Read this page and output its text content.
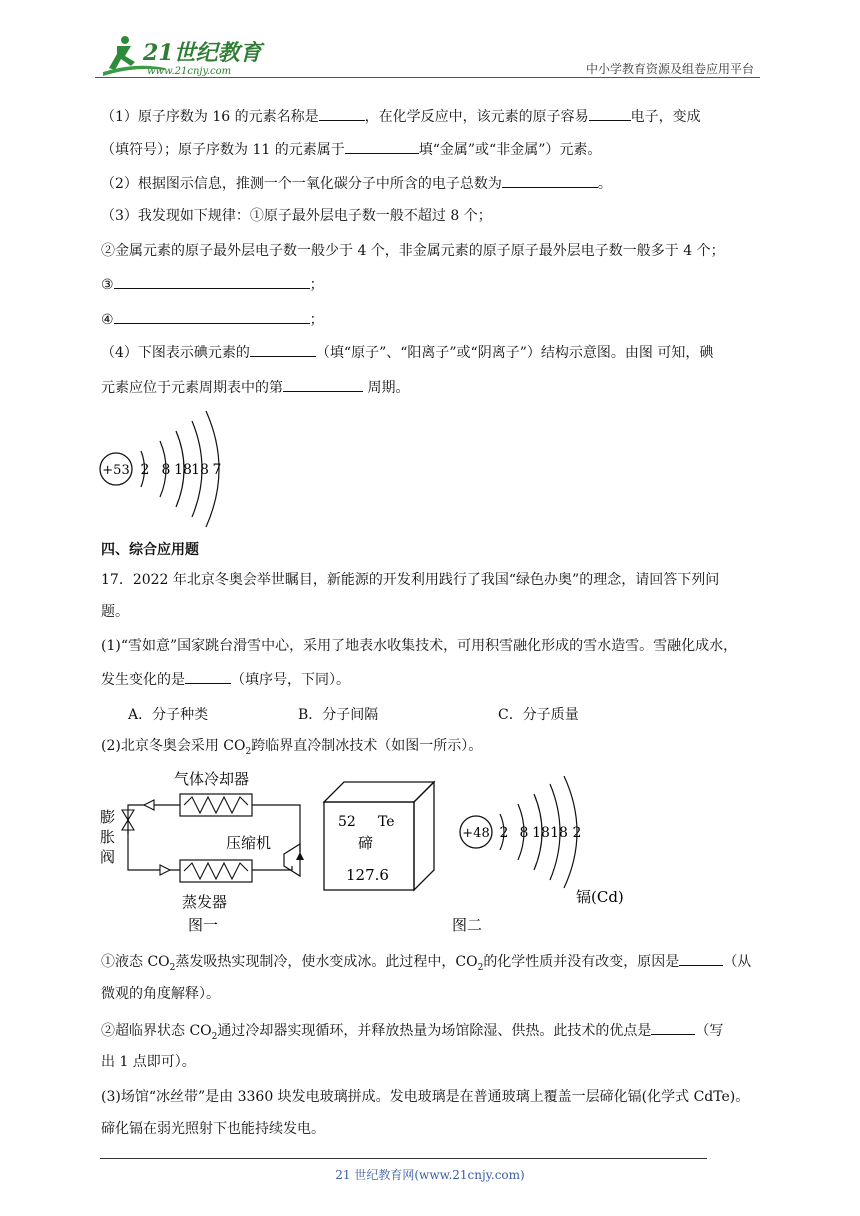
21世纪教育
www.21cnjy.com	中小学教育资源及组卷应用平台
（1）原子序数为 16 的元素名称是	，在化学反应中，该元素的原子容易	电子，变成
（填符号）；原子序数为 11 的元素属于	填“金属”或“非金属”）元素。
（2）根据图示信息，推测一个一氧化碳分子中所含的电子总数为	。
（3）我发现如下规律：①原子最外层电子数一般不超过 8 个；
②金属元素的原子最外层电子数一般少于 4 个，非金属元素的原子原子最外层电子数一般多于 4 个；
③	；
④	；
（4）下图表示碘元素的	（填“原子”、“阳离子”或“阴离子”）结构示意图。由图 可知，碘
元素应位于元素周期表中的第	周期。
+53 2 8 18 18 7
四、综合应用题
17．2022 年北京冬奥会举世瞩目，新能源的开发利用践行了我国“绿色办奥”的理念，请回答下列问
题。
(1)“雪如意”国家跳台滑雪中心，采用了地表水收集技术，可用积雪融化形成的雪水造雪。雪融化成水，
发生变化的是	（填序号，下同）。
A．分子种类	B．分子间隔	C．分子质量
(2)北京冬奥会采用 $CO_2$跨临界直冷制冰技术（如图一所示）。
气体冷却器
膨
胀
阀
压缩机
蒸发器
图一
52 Te
碲
127.6
+48 2 8 18 18 2
镉(Cd)
图二
①液态 $CO_2$蒸发吸热实现制冷，使水变成冰。此过程中，$CO_2$的化学性质并没有改变，原因是	（从
微观的角度解释）。
②超临界状态 $CO_2$通过冷却器实现循环，并释放热量为场馆除湿、供热。此技术的优点是	（写
出 1 点即可）。
(3)场馆“冰丝带”是由 3360 块发电玻璃拼成。发电玻璃是在普通玻璃上覆盖一层碲化镉(化学式 CdTe)。
碲化镉在弱光照射下也能持续发电。
21 世纪教育网(www.21cnjy.com)
